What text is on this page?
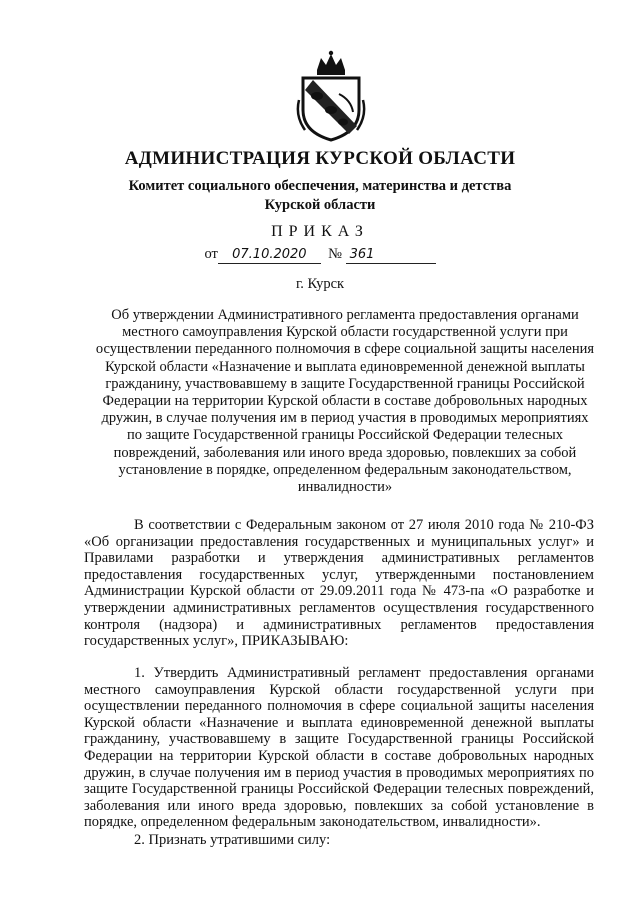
АДМИНИСТРАЦИЯ КУРСКОЙ ОБЛАСТИ
Комитет социального обеспечения, материнства и детства
Курской области
ПРИКАЗ
от 07.10.2020 № 361
г. Курск
Об утверждении Административного регламента предоставления органами местного самоуправления Курской области государственной услуги при осуществлении переданного полномочия в сфере социальной защиты населения Курской области «Назначение и выплата единовременной денежной выплаты гражданину, участвовавшему в защите Государственной границы Российской Федерации на территории Курской области в составе добровольных народных дружин, в случае получения им в период участия в проводимых мероприятиях по защите Государственной границы Российской Федерации телесных повреждений, заболевания или иного вреда здоровью, повлекших за собой установление в порядке, определенном федеральным законодательством, инвалидности»
В соответствии с Федеральным законом от 27 июля 2010 года № 210-ФЗ «Об организации предоставления государственных и муниципальных услуг» и Правилами разработки и утверждения административных регламентов предоставления государственных услуг, утвержденными постановлением Администрации Курской области от 29.09.2011 года № 473-па «О разработке и утверждении административных регламентов осуществления государственного контроля (надзора) и административных регламентов предоставления государственных услуг», ПРИКАЗЫВАЮ:
1. Утвердить Административный регламент предоставления органами местного самоуправления Курской области государственной услуги при осуществлении переданного полномочия в сфере социальной защиты населения Курской области «Назначение и выплата единовременной денежной выплаты гражданину, участвовавшему в защите Государственной границы Российской Федерации на территории Курской области в составе добровольных народных дружин, в случае получения им в период участия в проводимых мероприятиях по защите Государственной границы Российской Федерации телесных повреждений, заболевания или иного вреда здоровью, повлекших за собой установление в порядке, определенном федеральным законодательством, инвалидности».
2. Признать утратившими силу:
